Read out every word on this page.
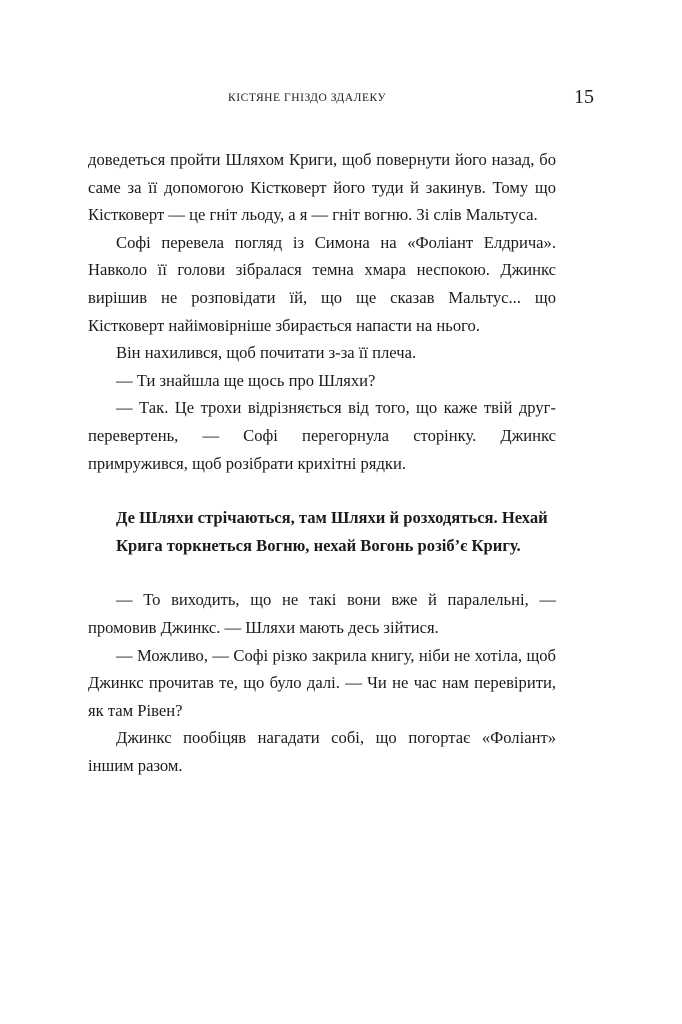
КІСТЯНЕ ГНІЗДО ЗДАЛЕКУ	15

доведеться пройти Шляхом Криги, щоб повернути його назад, бо саме за її допомогою Кістковерт його туди й закинув. Тому що Кістковерт — це гніт льоду, а я — гніт вогню. Зі слів Мальтуса.

Софі перевела погляд із Симона на «Фоліант Елдрича». Навколо її голови зібралася темна хмара неспокою. Джинкс вирішив не розповідати їй, що ще сказав Мальтус... що Кістковерт найімовірніше збирається напасти на нього.

Він нахилився, щоб почитати з-за її плеча.

— Ти знайшла ще щось про Шляхи?

— Так. Це трохи відрізняється від того, що каже твій друг-перевертень, — Софі перегорнула сторінку. Джинкс примружився, щоб розібрати крихітні рядки.

Де Шляхи стрічаються, там Шляхи й розходяться. Нехай Крига торкнеться Вогню, нехай Вогонь розіб’є Кригу.

— То виходить, що не такі вони вже й паралельні, — промовив Джинкс. — Шляхи мають десь зійтися.

— Можливо, — Софі різко закрила книгу, ніби не хотіла, щоб Джинкс прочитав те, що було далі. — Чи не час нам перевірити, як там Рівен?

Джинкс пообіцяв нагадати собі, що погортає «Фоліант» іншим разом.
